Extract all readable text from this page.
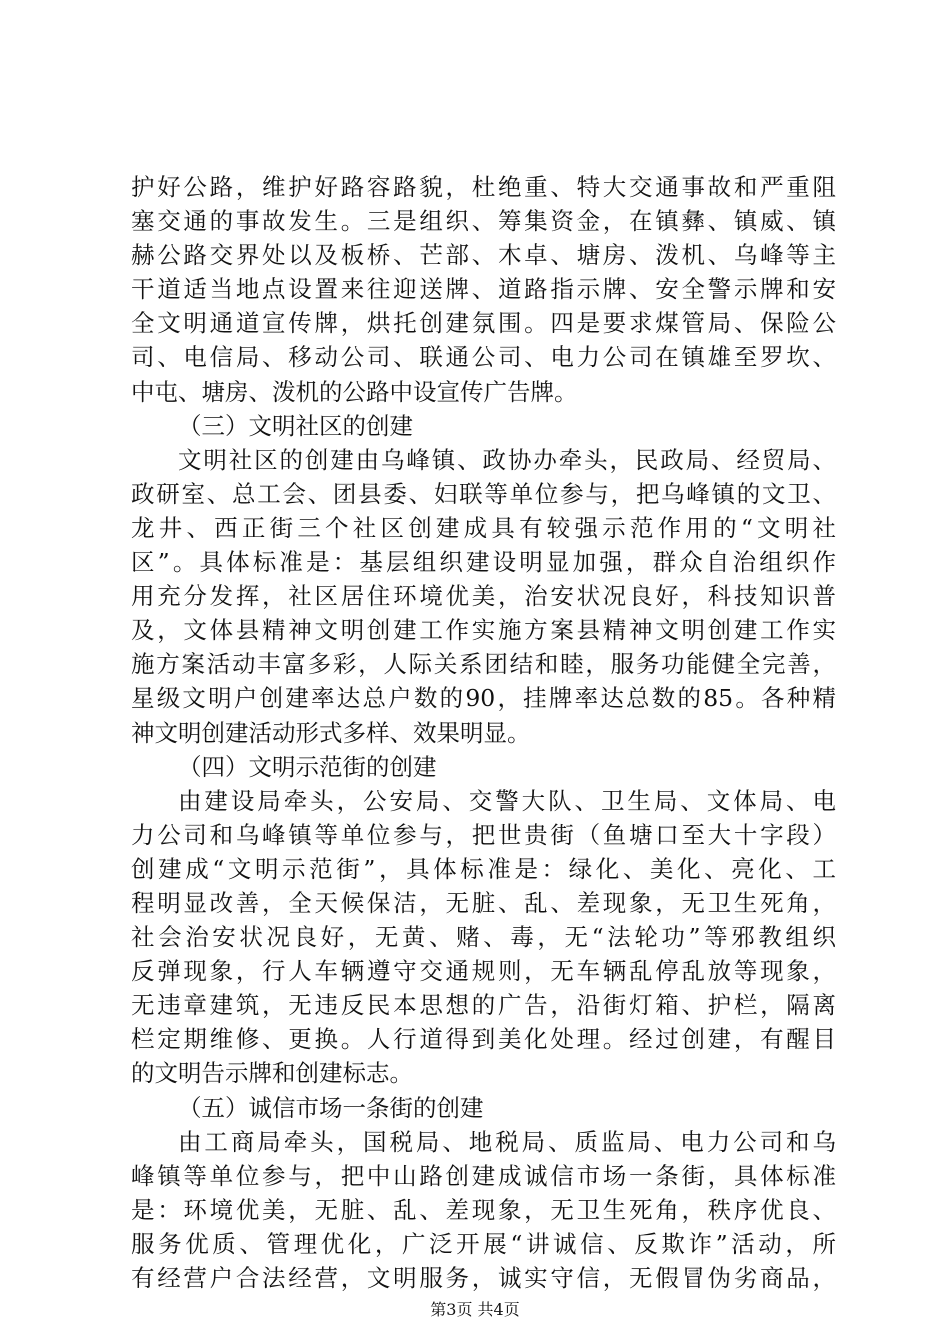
护好公路，维护好路容路貌，杜绝重、特大交通事故和严重阻
塞交通的事故发生。三是组织、筹集资金，在镇彝、镇威、镇
赫公路交界处以及板桥、芒部、木卓、塘房、泼机、乌峰等主
干道适当地点设置来往迎送牌、道路指示牌、安全警示牌和安
全文明通道宣传牌，烘托创建氛围。四是要求煤管局、保险公
司、电信局、移动公司、联通公司、电力公司在镇雄至罗坎、
中屯、塘房、泼机的公路中设宣传广告牌。
（三）文明社区的创建
文明社区的创建由乌峰镇、政协办牵头，民政局、经贸局、
政研室、总工会、团县委、妇联等单位参与，把乌峰镇的文卫、
龙井、西正街三个社区创建成具有较强示范作用的“文明社
区”。具体标准是：基层组织建设明显加强，群众自治组织作
用充分发挥，社区居住环境优美，治安状况良好，科技知识普
及，文体县精神文明创建工作实施方案县精神文明创建工作实
施方案活动丰富多彩，人际关系团结和睦，服务功能健全完善，
星级文明户创建率达总户数的90，挂牌率达总数的85。各种精
神文明创建活动形式多样、效果明显。
（四）文明示范街的创建
由建设局牵头，公安局、交警大队、卫生局、文体局、电
力公司和乌峰镇等单位参与，把世贵街（鱼塘口至大十字段）
创建成“文明示范街”，具体标准是：绿化、美化、亮化、工
程明显改善，全天候保洁，无脏、乱、差现象，无卫生死角，
社会治安状况良好，无黄、赌、毒，无“法轮功”等邪教组织
反弹现象，行人车辆遵守交通规则，无车辆乱停乱放等现象，
无违章建筑，无违反民本思想的广告，沿街灯箱、护栏，隔离
栏定期维修、更换。人行道得到美化处理。经过创建，有醒目
的文明告示牌和创建标志。
（五）诚信市场一条街的创建
由工商局牵头，国税局、地税局、质监局、电力公司和乌
峰镇等单位参与，把中山路创建成诚信市场一条街，具体标准
是：环境优美，无脏、乱、差现象，无卫生死角，秩序优良、
服务优质、管理优化，广泛开展“讲诚信、反欺诈”活动，所
有经营户合法经营，文明服务，诚实守信，无假冒伪劣商品，
第3页 共4页
